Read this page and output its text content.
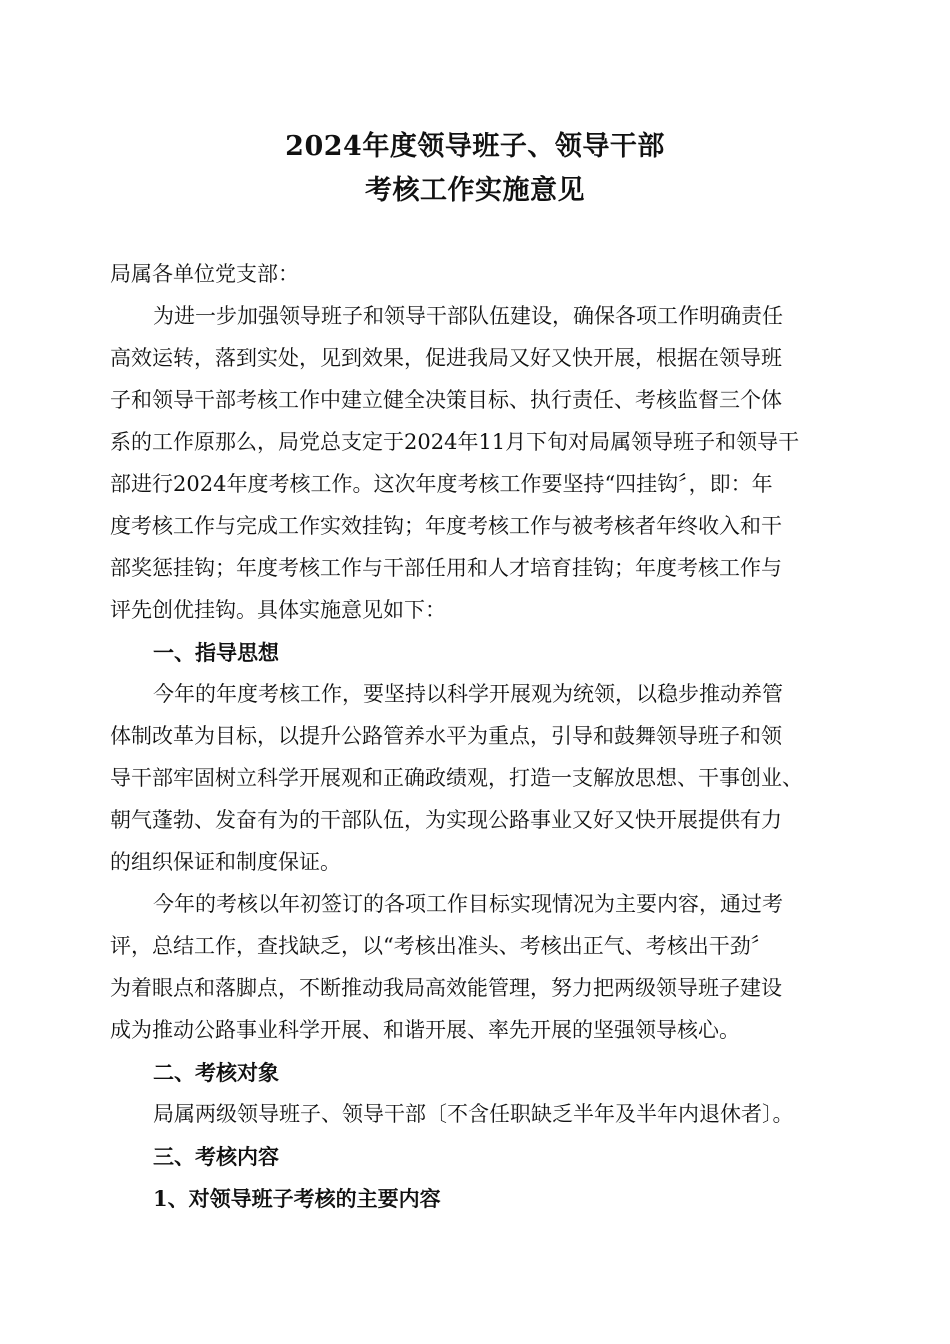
2024年度领导班子、领导干部
考核工作实施意见
局属各单位党支部：
为进一步加强领导班子和领导干部队伍建设，确保各项工作明确责任
高效运转，落到实处，见到效果，促进我局又好又快开展，根据在领导班
子和领导干部考核工作中建立健全决策目标、执行责任、考核监督三个体
系的工作原那么，局党总支定于2024年11月下旬对局属领导班子和领导干
部进行2024年度考核工作。这次年度考核工作要坚持“四挂钩〞，即：年
度考核工作与完成工作实效挂钩；年度考核工作与被考核者年终收入和干
部奖惩挂钩；年度考核工作与干部任用和人才培育挂钩；年度考核工作与
评先创优挂钩。具体实施意见如下：
一、指导思想
今年的年度考核工作，要坚持以科学开展观为统领，以稳步推动养管
体制改革为目标，以提升公路管养水平为重点，引导和鼓舞领导班子和领
导干部牢固树立科学开展观和正确政绩观，打造一支解放思想、干事创业、
朝气蓬勃、发奋有为的干部队伍，为实现公路事业又好又快开展提供有力
的组织保证和制度保证。
今年的考核以年初签订的各项工作目标实现情况为主要内容，通过考
评，总结工作，查找缺乏，以“考核出准头、考核出正气、考核出干劲〞
为着眼点和落脚点，不断推动我局高效能管理，努力把两级领导班子建设
成为推动公路事业科学开展、和谐开展、率先开展的坚强领导核心。
二、考核对象
局属两级领导班子、领导干部〔不含任职缺乏半年及半年内退休者〕。
三、考核内容
1、对领导班子考核的主要内容
